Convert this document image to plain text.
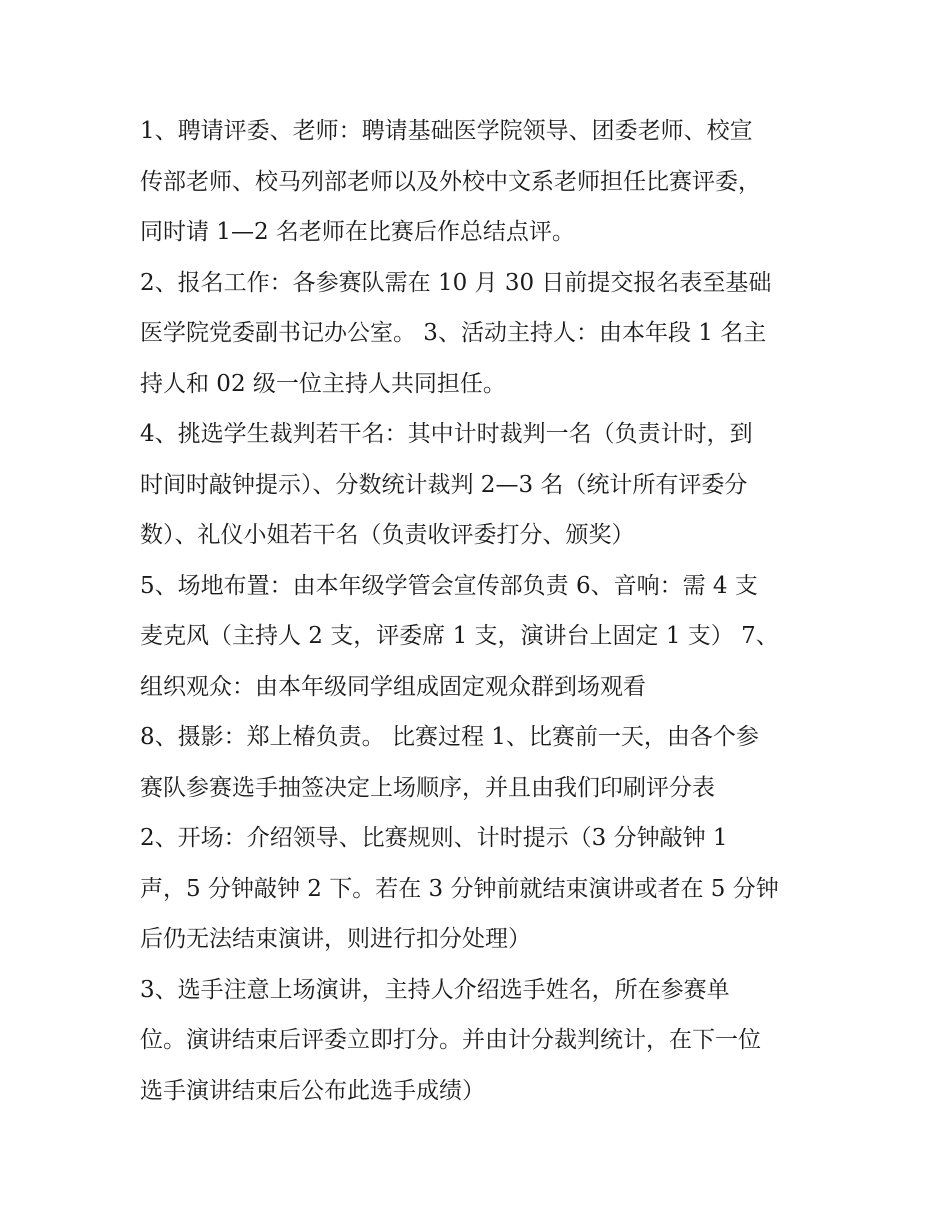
1、聘请评委、老师：聘请基础医学院领导、团委老师、校宣
传部老师、校马列部老师以及外校中文系老师担任比赛评委，
同时请 1—2 名老师在比赛后作总结点评。
2、报名工作：各参赛队需在 10 月 30 日前提交报名表至基础
医学院党委副书记办公室。 3、活动主持人：由本年段 1 名主
持人和 02 级一位主持人共同担任。
4、挑选学生裁判若干名：其中计时裁判一名（负责计时，到
时间时敲钟提示）、分数统计裁判 2—3 名（统计所有评委分
数）、礼仪小姐若干名（负责收评委打分、颁奖）
5、场地布置：由本年级学管会宣传部负责 6、音响：需 4 支
麦克风（主持人 2 支，评委席 1 支，演讲台上固定 1 支） 7、
组织观众：由本年级同学组成固定观众群到场观看
8、摄影：郑上椿负责。 比赛过程 1、比赛前一天，由各个参
赛队参赛选手抽签决定上场顺序，并且由我们印刷评分表
2、开场：介绍领导、比赛规则、计时提示（3 分钟敲钟 1
声，5 分钟敲钟 2 下。若在 3 分钟前就结束演讲或者在 5 分钟
后仍无法结束演讲，则进行扣分处理）
3、选手注意上场演讲，主持人介绍选手姓名，所在参赛单
位。演讲结束后评委立即打分。并由计分裁判统计，在下一位
选手演讲结束后公布此选手成绩）
